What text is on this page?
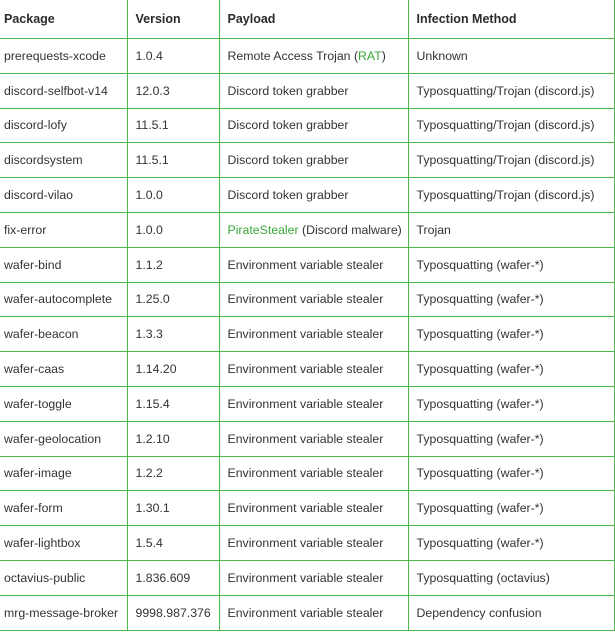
Package	Version	Payload	Infection Method
prerequests-xcode	1.0.4	Remote Access Trojan (RAT)	Unknown
discord-selfbot-v14	12.0.3	Discord token grabber	Typosquatting/Trojan (discord.js)
discord-lofy	11.5.1	Discord token grabber	Typosquatting/Trojan (discord.js)
discordsystem	11.5.1	Discord token grabber	Typosquatting/Trojan (discord.js)
discord-vilao	1.0.0	Discord token grabber	Typosquatting/Trojan (discord.js)
fix-error	1.0.0	PirateStealer (Discord malware)	Trojan
wafer-bind	1.1.2	Environment variable stealer	Typosquatting (wafer-*)
wafer-autocomplete	1.25.0	Environment variable stealer	Typosquatting (wafer-*)
wafer-beacon	1.3.3	Environment variable stealer	Typosquatting (wafer-*)
wafer-caas	1.14.20	Environment variable stealer	Typosquatting (wafer-*)
wafer-toggle	1.15.4	Environment variable stealer	Typosquatting (wafer-*)
wafer-geolocation	1.2.10	Environment variable stealer	Typosquatting (wafer-*)
wafer-image	1.2.2	Environment variable stealer	Typosquatting (wafer-*)
wafer-form	1.30.1	Environment variable stealer	Typosquatting (wafer-*)
wafer-lightbox	1.5.4	Environment variable stealer	Typosquatting (wafer-*)
octavius-public	1.836.609	Environment variable stealer	Typosquatting (octavius)
mrg-message-broker	9998.987.376	Environment variable stealer	Dependency confusion
